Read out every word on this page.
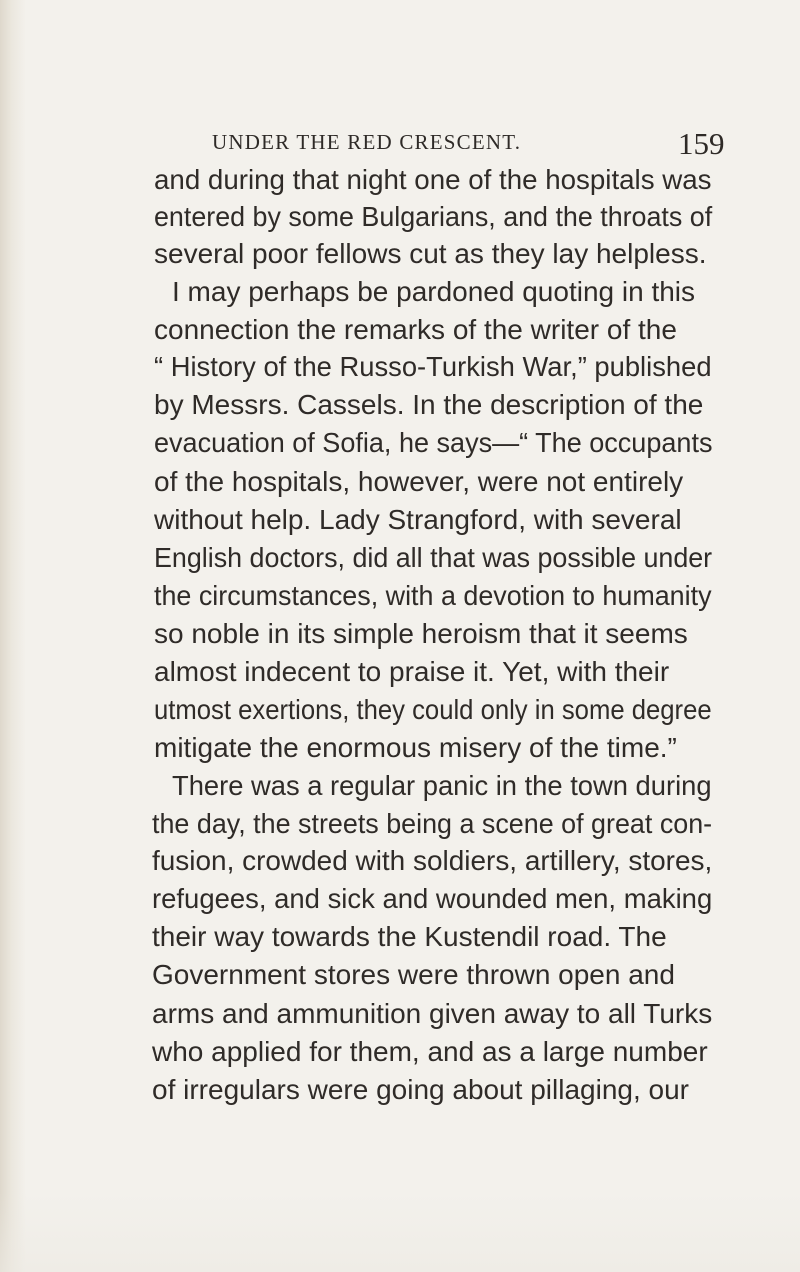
UNDER THE RED CRESCENT.	159
and during that night one of the hospitals was
entered by some Bulgarians, and the throats of
several poor fellows cut as they lay helpless.
I may perhaps be pardoned quoting in this
connection the remarks of the writer of the
“ History of the Russo-Turkish War,” published
by Messrs. Cassels. In the description of the
evacuation of Sofia, he says—“ The occupants
of the hospitals, however, were not entirely
without help. Lady Strangford, with several
English doctors, did all that was possible under
the circumstances, with a devotion to humanity
so noble in its simple heroism that it seems
almost indecent to praise it. Yet, with their
utmost exertions, they could only in some degree
mitigate the enormous misery of the time.”
There was a regular panic in the town during
the day, the streets being a scene of great con-
fusion, crowded with soldiers, artillery, stores,
refugees, and sick and wounded men, making
their way towards the Kustendil road. The
Government stores were thrown open and
arms and ammunition given away to all Turks
who applied for them, and as a large number
of irregulars were going about pillaging, our
